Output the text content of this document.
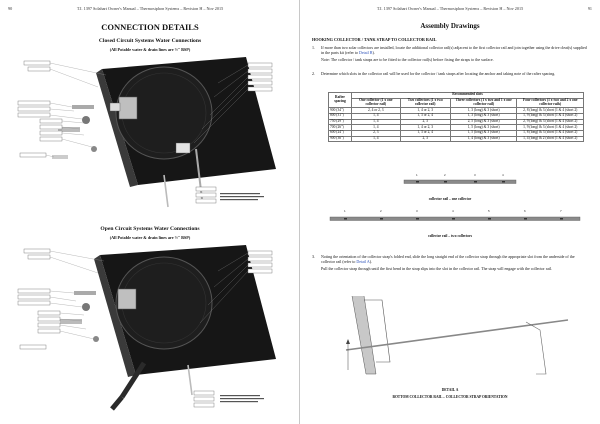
90	T.I. 1397 Solahart Owner's Manual – Thermosiphon Systems – Revision H – Nov 2015
CONNECTION DETAILS
Closed Circuit Systems Water Connections
(All Potable water & drain lines are ½" BSP)
Open Circuit Systems Water Connections
(All Potable water & drain lines are ½" BSP)
T.I. 1397 Solahart Owner's Manual – Thermosiphon Systems – Revision H – Nov 2015	91
Assembly Drawings
HOOKING COLLECTOR / TANK STRAP TO COLLECTOR RAIL
1. If more than two solar collectors are installed, locate the additional collector rail(s) adjacent to the first collector rail and join together using the drive cleat(s) supplied in the parts kit (refer to Detail B).
Note: The collector / tank straps are to be fitted to the collector rail(s) before fixing the straps to the surface.
2. Determine which slots in the collector rail will be used for the collector / tank straps after locating the anchor and taking note of the rafter spacing.
Rafter spacing	Recommended slots			
	One collector (1 x one collector rail)	Two collectors (1 x two collector rail)	Three collectors (1 x two and 1 x one collector rail)	Four collectors (1 x two and 2 x one collector rails)
900 (34")	2, 4 or 2, 3	1, 4 or 2, 3	1, 3 (long) & 3 (short)	2, 8 (long) & 3 (short (1 & 4 (short 2)
800 (31")	1, 4	1, 3 or 2, 4	1, 3 (long) & 3 (short)	1, 9 (long) & 3 (short (1 & 4 (short 2)
750 (29")	1, 4	2, 3	2, 5 (long) & 3 (short)	2, 9 (long) & 3 (short (1 & 4 (short 2)
700 (26")	1, 4	1, 4 or 2, 3	1, 5 (long) & 3 (short)	1, 9 (long) & 3 (short (1 & 4 (short 2)
600 (24")	2, 3	1, 3 or 2, 4	1, 5 (long) & 3 (short)	1, 8 (long) & 3 (short (1 & 4 (short 2)
900 (36")	1, 4	2, 3	1, 4 (long) & 3 (short)	1, 4 (long) & 2 (short (1 & 4 (short 2)
1	2	3	4
collector rail – one collector
1	2	3	4	5	6	7
collector rail – two collectors
3. Noting the orientation of the collector strap's folded end, slide the long straight end of the collector strap through the appropriate slot from the underside of the collector rail (refer to Detail A).
Pull the collector strap through until the first bend in the strap slips into the slot in the collector rail. The strap will engage with the collector rail.
DETAIL A
BOTTOM COLLECTOR RAIL – COLLECTOR STRAP ORIENTATION
